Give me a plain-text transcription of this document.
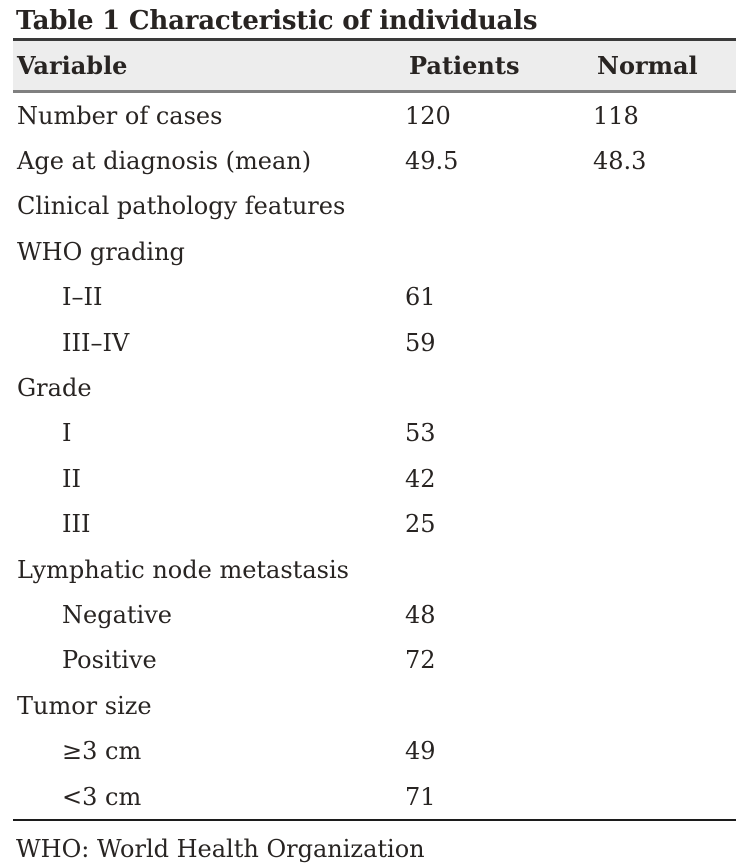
Table 1 Characteristic of individuals
Variable	Patients	Normal
Number of cases	120	118
Age at diagnosis (mean)	49.5	48.3
Clinical pathology features
WHO grading
I–II	61
III–IV	59
Grade
I	53
II	42
III	25
Lymphatic node metastasis
Negative	48
Positive	72
Tumor size
≥3 cm	49
<3 cm	71
WHO: World Health Organization
